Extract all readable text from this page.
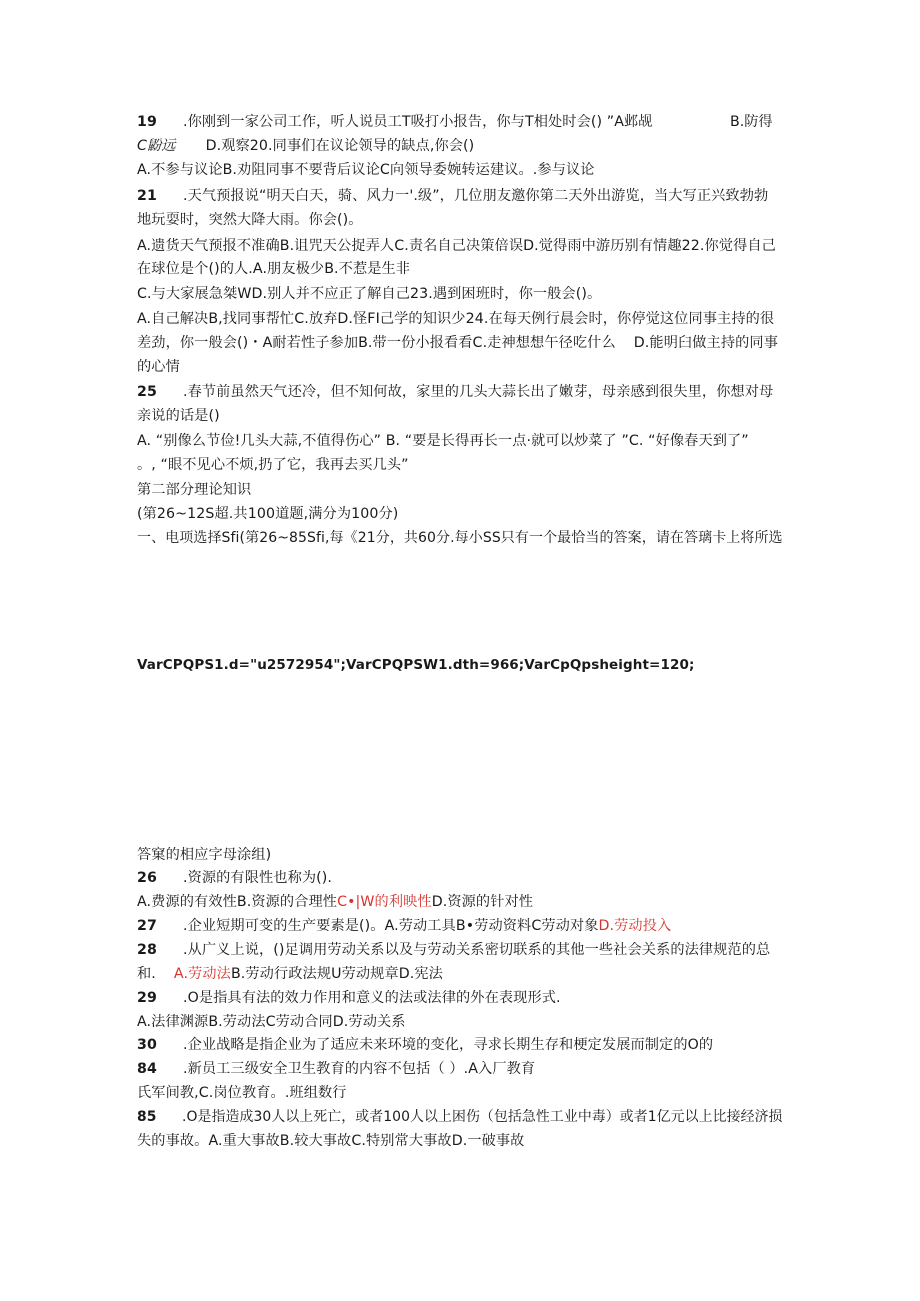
19 .你刚到一家公司工作，听人说员工T吸打小报告，你与T相处时会() ”A邺觇	B.防得
C鼢远 D.观察20.同事们在议论领导的缺点,你会()
A.不参与议论B.劝阻同事不要背后议论C向领导委婉转运建议。.参与议论
21 .天气预报说“明天白天，骑、风力一'.级”，几位朋友邀你第二天外出游览，当大写正兴致勃勃
地玩耍时，突然大降大雨。你会()。
A.遗货天气预报不准确B.诅咒天公捉弄人C.责名自己决策倍误D.觉得雨中游历别有情趣22.你觉得自己
在球位是个()的人.A.朋友极少B.不惹是生非
C.与大家展急桀WD.别人并不应正了解自己23.遇到困班时，你一般会()。
A.自己解决B,找同事帮忙C.放弃D.怪FI己学的知识少24.在每天例行晨会时，你停觉这位同事主持的很
差劲，你一般会()・A耐若性子参加B.带一份小报看看C.走神想想午径吃什么 D.能明臼做主持的同事
的心情
25 .春节前虽然天气还冷，但不知何故，家里的几头大蒜长出了嫩芽，母亲感到很失里，你想对母
亲说的话是()
A. “别像么节俭!几头大蒜,不值得伤心” B. “要是长得再长一点·就可以炒菜了 ”C. “好像春天到了”
。, “眼不见心不烦,扔了它，我再去买几头”
第二部分理论知识
(第26~12S超.共100道题,满分为100分)
一、电项选择Sfi(第26~85Sfi,每《21分，共60分.每小SS只有一个最恰当的答案，请在答璃卡上将所选
VarCPQPS1.d="u2572954";VarCPQPSW1.dth=966;VarCpQpsheight=120;
答窠的相应字母涂组)
26 .资源的有限性也称为().
A.费源的有效性B.资源的合理性C•|W的利映性D.资源的针对性
27 .企业短期可变的生产要素是()。A.劳动工具B•劳动资料C劳动对象D.劳动投入
28 .从广义上说，()足调用劳动关系以及与劳动关系密切联系的其他一些社会关系的法律规范的总
和. A.劳动法B.劳动行政法规U劳动规章D.宪法
29 .O是指具有法的效力作用和意义的法或法律的外在表现形式.
A.法律渊源B.劳动法C劳动合同D.劳动关系
30 .企业战略是指企业为了适应未来环境的变化，寻求长期生存和梗定发展而制定的O的
84 .新员工三级安全卫生教育的内容不包括（ ）.A入厂教育
氏军间教,C.岗位教育。.班组数行
85 .O是指造成30人以上死亡，或者100人以上困伤（包括急性工业中毒）或者1亿元以上比接经济损
失的事故。A.重大事故B.较大事故C.特别常大事故D.一破事故
